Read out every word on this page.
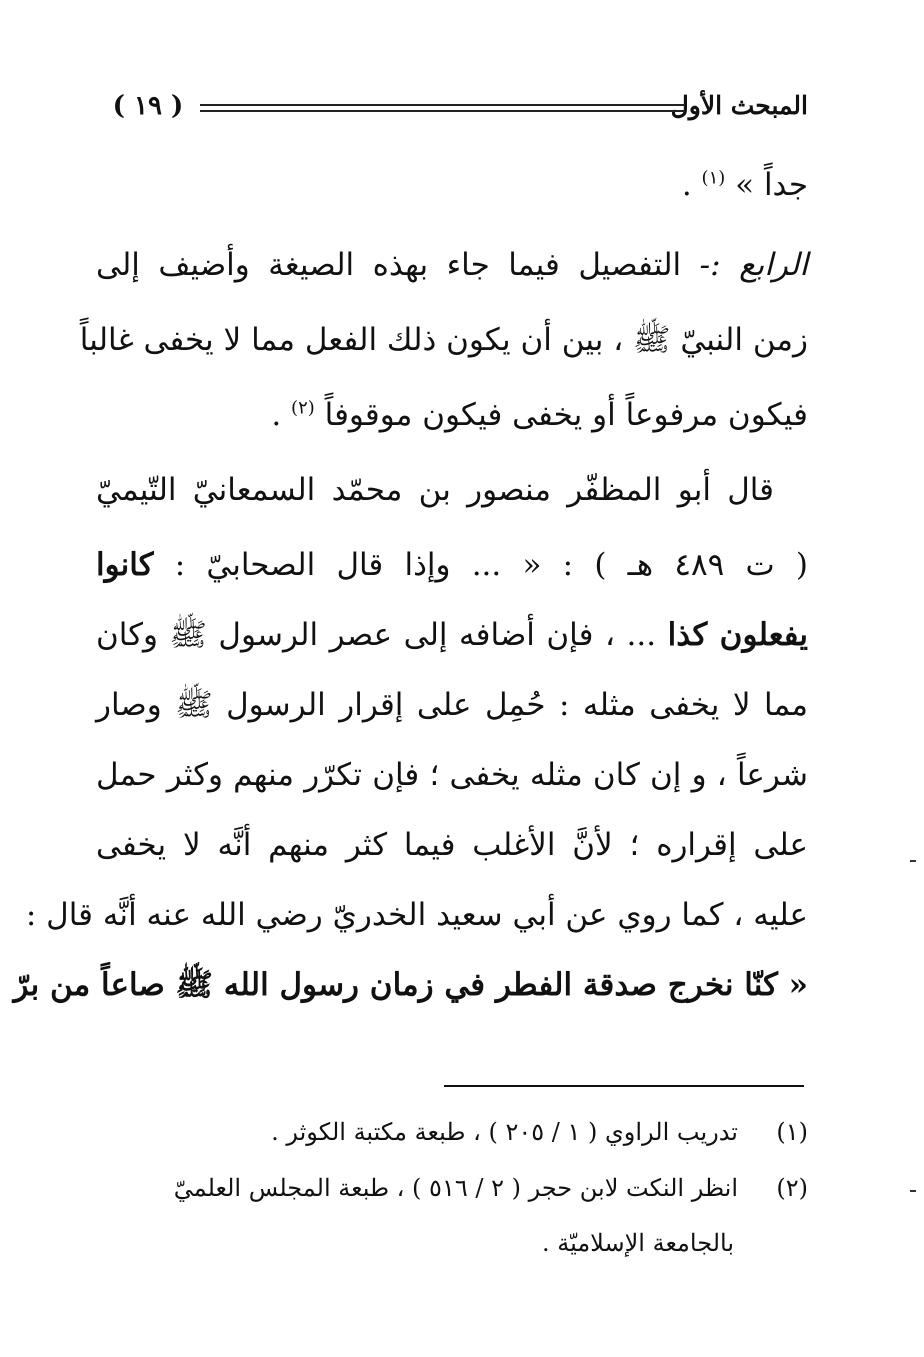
المبحث الأول
( ١٩ )
جداً » $^{(١)}$ .
الرابع :- التفصيل فيما جاء بهذه الصيغة وأضيف إلى
زمن النبيّ ﷺ ، بين أن يكون ذلك الفعل مما لا يخفى غالباً
فيكون مرفوعاً أو يخفى فيكون موقوفاً $^{(٢)}$ .
قال أبو المظفّر منصور بن محمّد السمعانيّ التّيميّ
( ت ٤٨٩ هـ ) : « ... وإذا قال الصحابيّ : كانوا
يفعلون كذا ... ، فإن أضافه إلى عصر الرسول ﷺ وكان
مما لا يخفى مثله : حُمِل على إقرار الرسول ﷺ وصار
شرعاً ، و إن كان مثله يخفى ؛ فإن تكرّر منهم وكثر حمل
على إقراره ؛ لأنَّ الأغلب فيما كثر منهم أنَّه لا يخفى
عليه ، كما روي عن أبي سعيد الخدريّ رضي الله عنه أنَّه قال :
« كنّا نخرج صدقة الفطر في زمان رسول الله ﷺ صاعاً من برّ
(١)تدريب الراوي ( ١ / ٢٠٥ ) ، طبعة مكتبة الكوثر .
(٢)انظر النكت لابن حجر ( ٢ / ٥١٦ ) ، طبعة المجلس العلميّ
بالجامعة الإسلاميّة .
